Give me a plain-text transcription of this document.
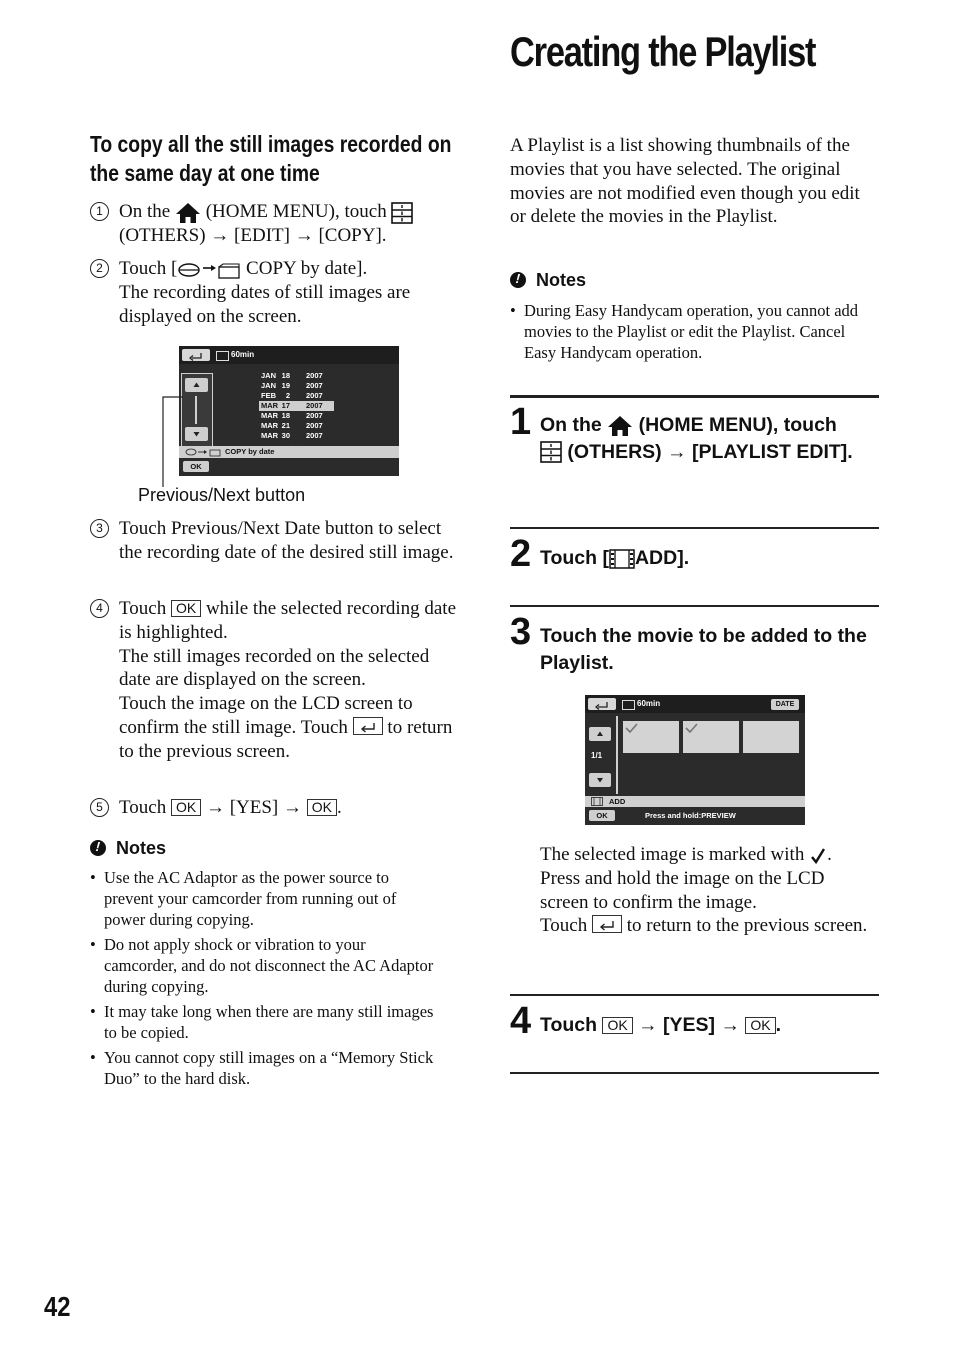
Creating the Playlist
To copy all the still images recorded on the same day at one time
1 On the (HOME MENU), touch
(OTHERS) → [EDIT] → [COPY].
2 Touch [	COPY by date].
The recording dates of still images are displayed on the screen.
60min
JAN 18 2007
JAN 19 2007
FEB	2 2007
MAR 17 2007
MAR 18 2007
MAR 21 2007
MAR 30 2007
COPY by date
OK
Previous/Next button
3 Touch Previous/Next Date button to select the recording date of the desired still image.
4 Touch OK while the selected recording date is highlighted.
The still images recorded on the selected date are displayed on the screen.
Touch the image on the LCD screen to confirm the still image. Touch to return to the previous screen.
5 Touch OK → [YES] → OK .
!Notes
• Use the AC Adaptor as the power source to prevent your camcorder from running out of power during copying.
• Do not apply shock or vibration to your camcorder, and do not disconnect the AC Adaptor during copying.
• It may take long when there are many still images to be copied.
• You cannot copy still images on a “Memory Stick Duo” to the hard disk.
A Playlist is a list showing thumbnails of the movies that you have selected. The original movies are not modified even though you edit or delete the movies in the Playlist.
!Notes
• During Easy Handycam operation, you cannot add movies to the Playlist or edit the Playlist. Cancel Easy Handycam operation.
1 On the (HOME MENU), touch
(OTHERS) → [PLAYLIST EDIT].
2 Touch [ ADD].
3 Touch the movie to be added to the Playlist.
60min	DATE
1/1
ADD
OK	Press and hold:PREVIEW
The selected image is marked with . Press and hold the image on the LCD screen to confirm the image.
Touch to return to the previous screen.
4 Touch OK → [YES] → OK .
42
